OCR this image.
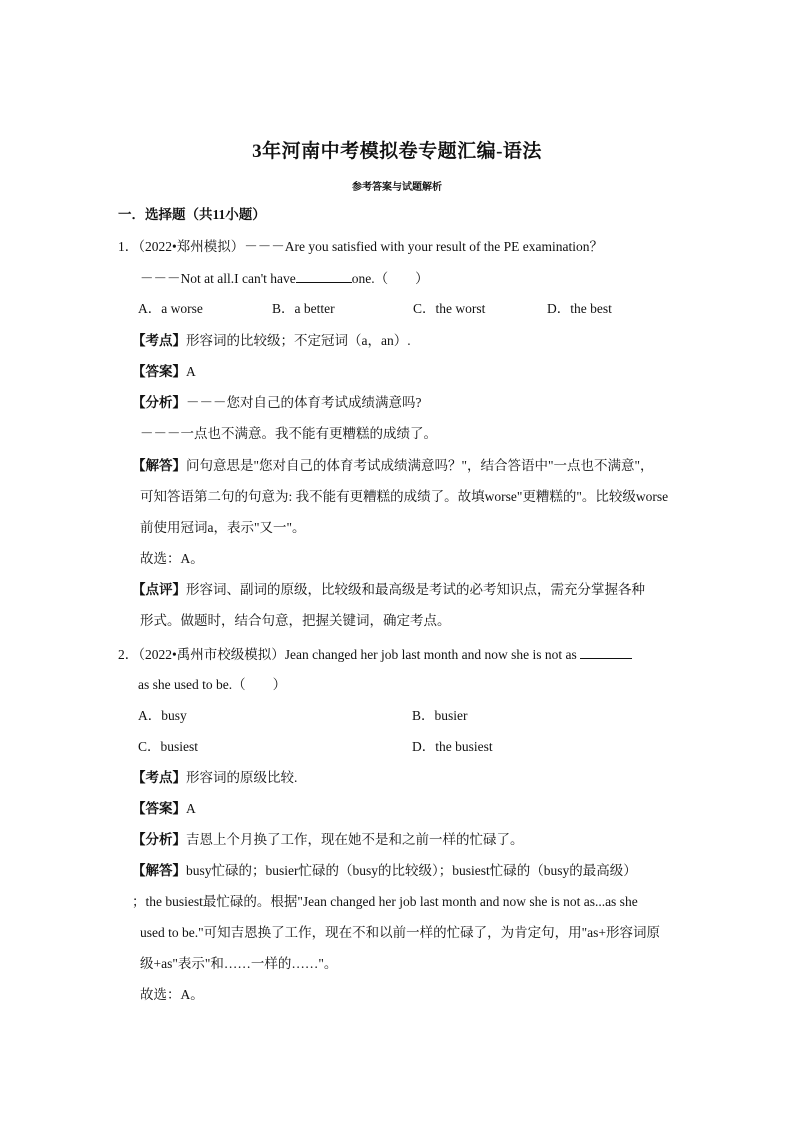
3年河南中考模拟卷专题汇编-语法
参考答案与试题解析
一．选择题（共11小题）
1．（2022•郑州模拟）－－－Are you satisfied with your result of the PE examination？
－－－Not at all.I can't have	one.（　　）
A．a worse	B．a better	C．the worst	D．the best
【考点】形容词的比较级；不定冠词（a，an）.
【答案】A
【分析】－－－您对自己的体育考试成绩满意吗?
－－－一点也不满意。我不能有更糟糕的成绩了。
【解答】问句意思是"您对自己的体育考试成绩满意吗？"，结合答语中"一点也不满意"，
可知答语第二句的句意为: 我不能有更糟糕的成绩了。故填worse"更糟糕的"。比较级worse
前使用冠词a，表示"又一"。
故选：A。
【点评】形容词、副词的原级，比较级和最高级是考试的必考知识点，需充分掌握各种
形式。做题时，结合句意，把握关键词，确定考点。
2．（2022•禹州市校级模拟）Jean changed her job last month and now she is not as
as she used to be.（　　）
A．busy	B．busier
C．busiest	D．the busiest
【考点】形容词的原级比较.
【答案】A
【分析】吉恩上个月换了工作，现在她不是和之前一样的忙碌了。
【解答】busy忙碌的；busier忙碌的（busy的比较级）；busiest忙碌的（busy的最高级）
；the busiest最忙碌的。根据"Jean changed her job last month and now she is not as...as she
used to be."可知吉恩换了工作，现在不和以前一样的忙碌了，为肯定句，用"as+形容词原
级+as"表示"和……一样的……"。
故选：A。
